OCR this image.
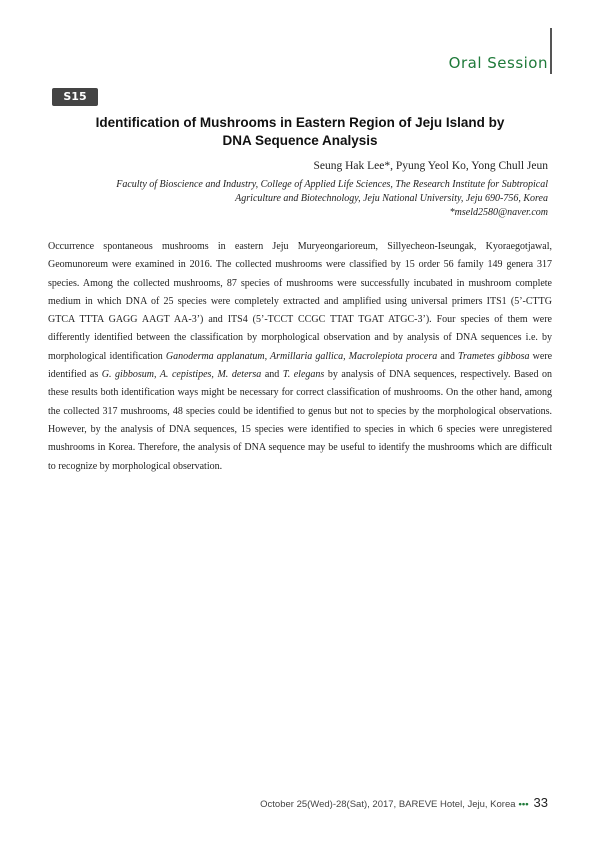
Oral Session
S15
Identification of Mushrooms in Eastern Region of Jeju Island by
DNA Sequence Analysis
Seung Hak Lee*, Pyung Yeol Ko, Yong Chull Jeun
Faculty of Bioscience and Industry, College of Applied Life Sciences, The Research Institute for Subtropical
Agriculture and Biotechnology, Jeju National University, Jeju 690-756, Korea
*mseld2580@naver.com
Occurrence spontaneous mushrooms in eastern Jeju Muryeongarioreum, Sillyecheon-Iseungak, Kyoraegotjawal, Geomunoreum were examined in 2016. The collected mushrooms were classified by 15 order 56 family 149 genera 317 species. Among the collected mushrooms, 87 species of mushrooms were successfully incubated in mushroom complete medium in which DNA of 25 species were completely extracted and amplified using universal primers ITS1 (5’-CTTG GTCA TTTA GAGG AAGT AA-3’) and ITS4 (5’-TCCT CCGC TTAT TGAT ATGC-3’). Four species of them were differently identified between the classification by morphological observation and by analysis of DNA sequences i.e. by morphological identification Ganoderma applanatum, Armillaria gallica, Macrolepiota procera and Trametes gibbosa were identified as G. gibbosum, A. cepistipes, M. detersa and T. elegans by analysis of DNA sequences, respectively. Based on these results both identification ways might be necessary for correct classification of mushrooms. On the other hand, among the collected 317 mushrooms, 48 species could be identified to genus but not to species by the morphological observations. However, by the analysis of DNA sequences, 15 species were identified to species in which 6 species were unregistered mushrooms in Korea. Therefore, the analysis of DNA sequence may be useful to identify the mushrooms which are difficult to recognize by morphological observation.
October 25(Wed)-28(Sat), 2017, BAREVE Hotel, Jeju, Korea ••• 33
